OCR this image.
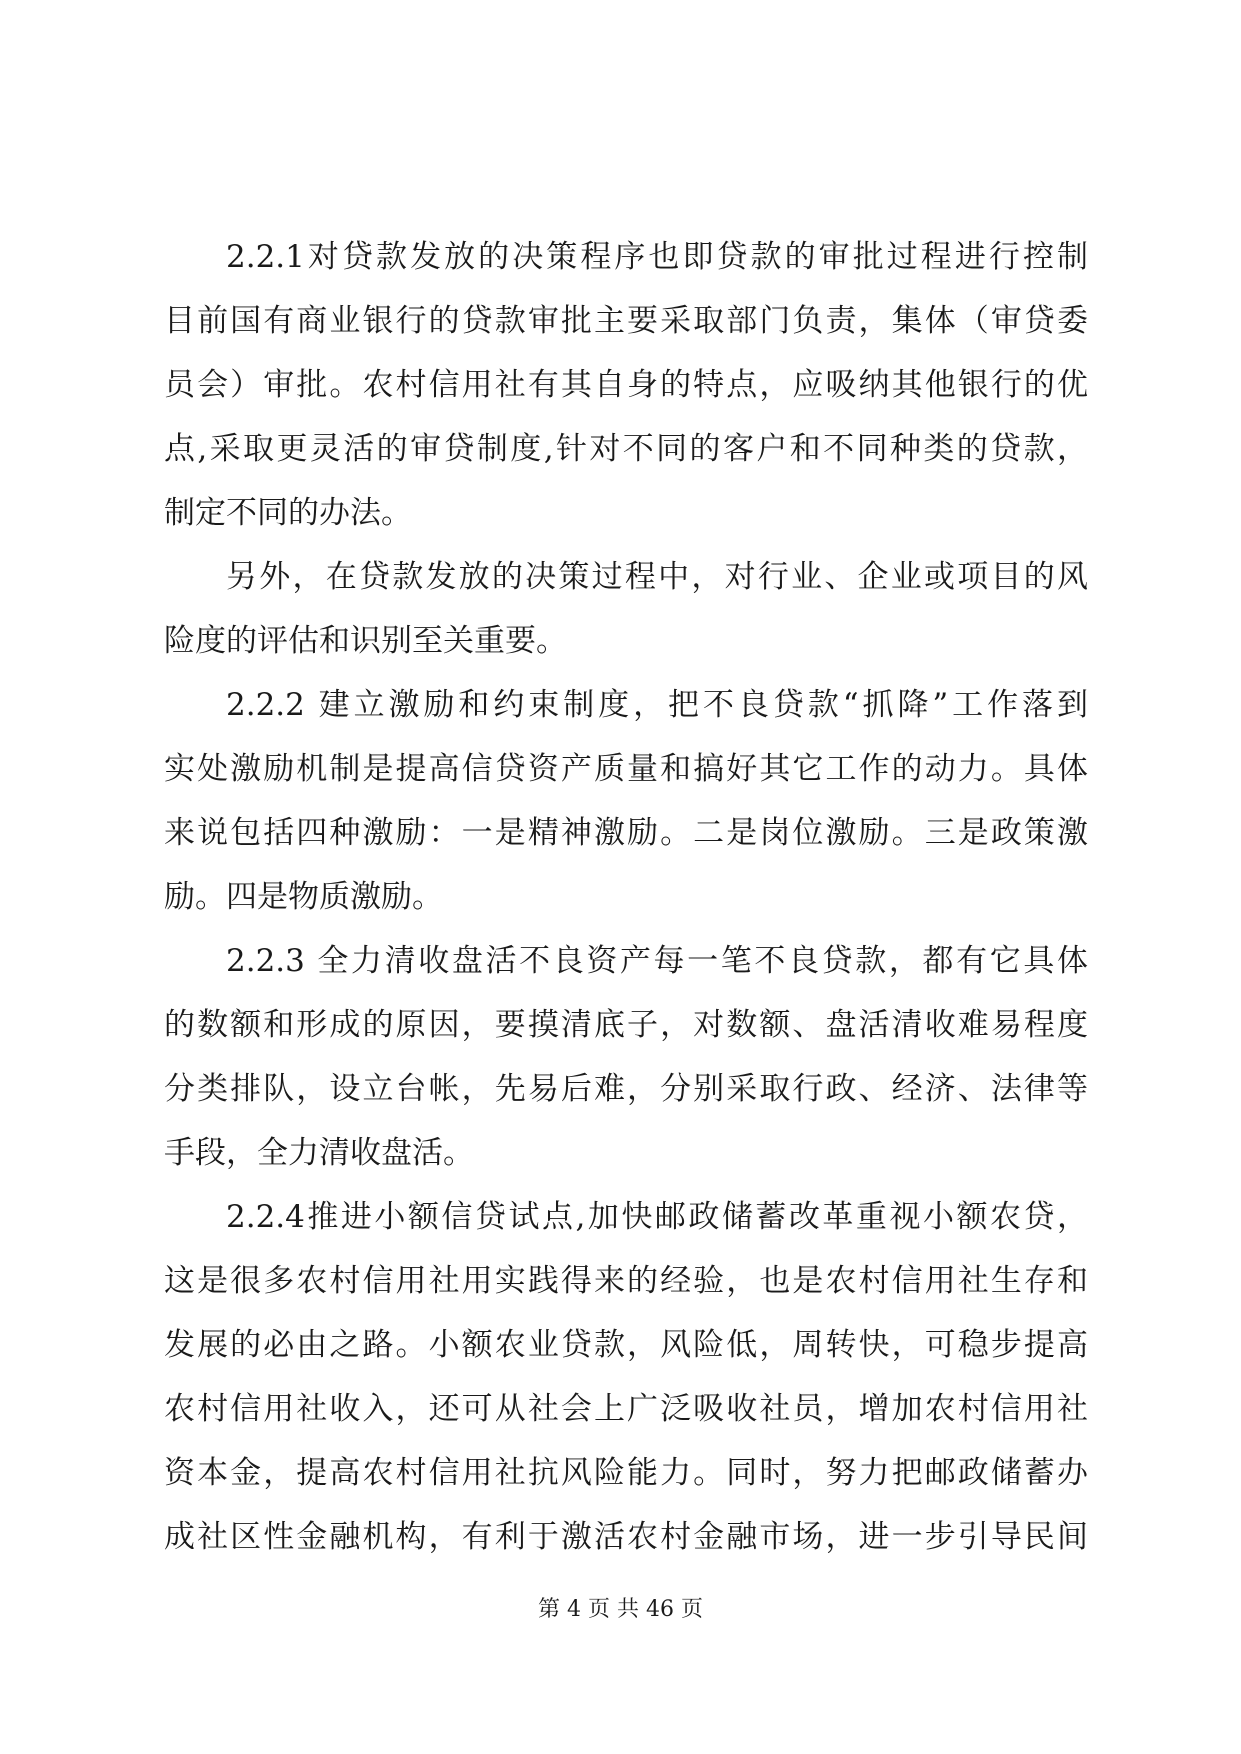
2.2.1对贷款发放的决策程序也即贷款的审批过程进行控制
目前国有商业银行的贷款审批主要采取部门负责，集体（审贷委
员会）审批。农村信用社有其自身的特点，应吸纳其他银行的优
点,采取更灵活的审贷制度,针对不同的客户和不同种类的贷款，
制定不同的办法。
另外，在贷款发放的决策过程中，对行业、企业或项目的风
险度的评估和识别至关重要。
2.2.2 建立激励和约束制度，把不良贷款“抓降”工作落到
实处激励机制是提高信贷资产质量和搞好其它工作的动力。具体
来说包括四种激励：一是精神激励。二是岗位激励。三是政策激
励。四是物质激励。
2.2.3 全力清收盘活不良资产每一笔不良贷款，都有它具体
的数额和形成的原因，要摸清底子，对数额、盘活清收难易程度
分类排队，设立台帐，先易后难，分别采取行政、经济、法律等
手段，全力清收盘活。
2.2.4推进小额信贷试点,加快邮政储蓄改革重视小额农贷，
这是很多农村信用社用实践得来的经验，也是农村信用社生存和
发展的必由之路。小额农业贷款，风险低，周转快，可稳步提高
农村信用社收入，还可从社会上广泛吸收社员，增加农村信用社
资本金，提高农村信用社抗风险能力。同时，努力把邮政储蓄办
成社区性金融机构，有利于激活农村金融市场，进一步引导民间
第 4 页 共 46 页
